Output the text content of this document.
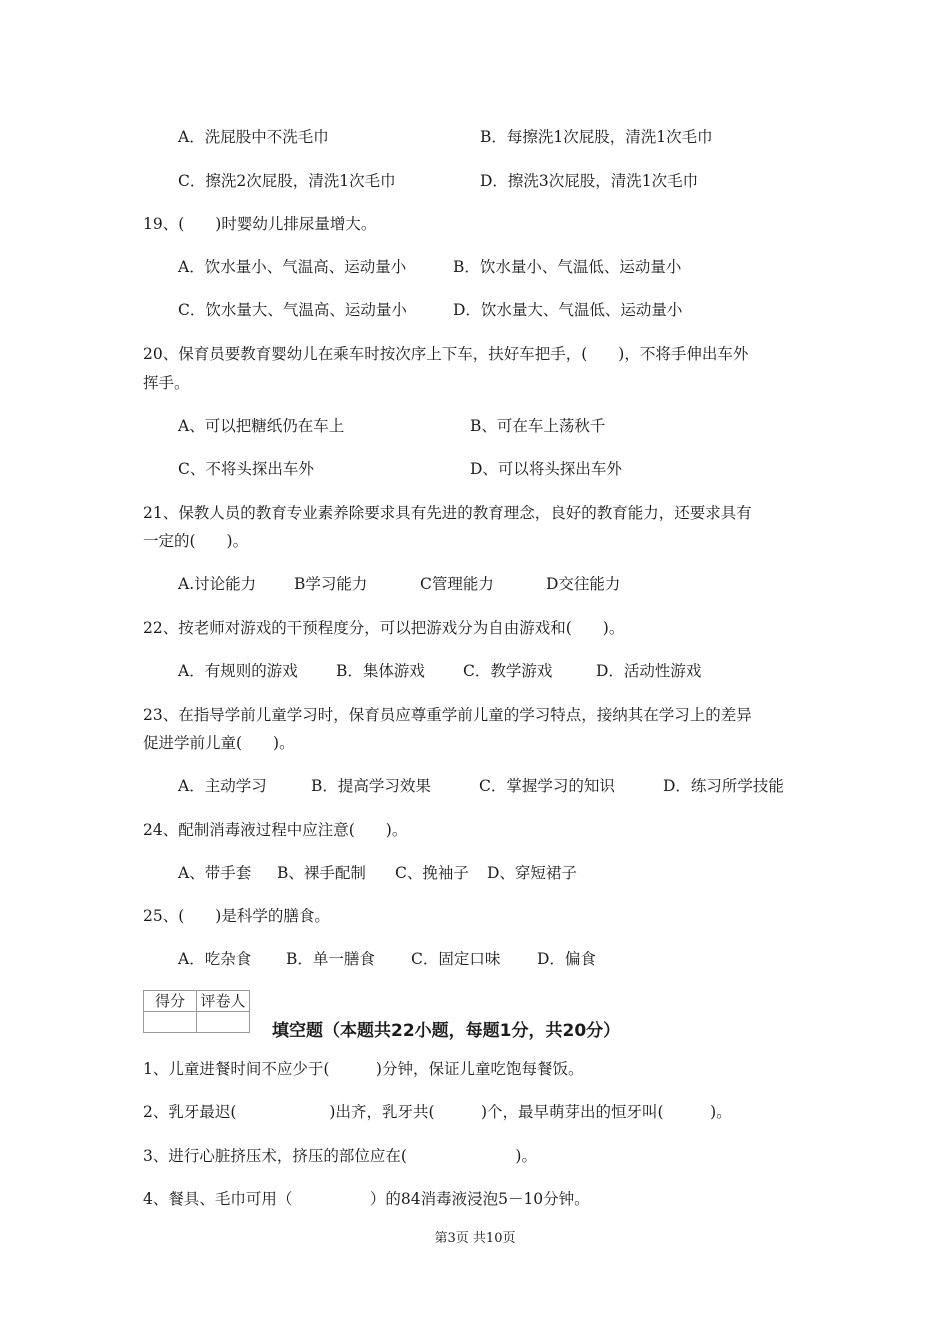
A．洗屁股中不洗毛巾	B．每擦洗1次屁股，清洗1次毛巾
C．擦洗2次屁股，清洗1次毛巾	D．擦洗3次屁股，清洗1次毛巾
19、(　　)时婴幼儿排尿量增大。
A．饮水量小、气温高、运动量小	B．饮水量小、气温低、运动量小
C．饮水量大、气温高、运动量小	D．饮水量大、气温低、运动量小
20、保育员要教育婴幼儿在乘车时按次序上下车，扶好车把手，(　　)，不将手伸出车外
挥手。
A、可以把糖纸仍在车上	B、可在车上荡秋千
C、不将头探出车外	D、可以将头探出车外
21、保教人员的教育专业素养除要求具有先进的教育理念，良好的教育能力，还要求具有
一定的(　　)。
A.讨论能力 B学习能力	C管理能力	D交往能力
22、按老师对游戏的干预程度分，可以把游戏分为自由游戏和(　　)。
A．有规则的游戏 B．集体游戏 C．教学游戏	D．活动性游戏
23、在指导学前儿童学习时，保育员应尊重学前儿童的学习特点，接纳其在学习上的差异
促进学前儿童(　　)。
A．主动学习	B．提高学习效果	C．掌握学习的知识	D．练习所学技能
24、配制消毒液过程中应注意(　　)。
A、带手套 B、裸手配制 C、挽袖子 D、穿短裙子
25、(　　)是科学的膳食。
A．吃杂食 B．单一膳食 C．固定口味 D．偏食
得分	评卷人

填空题（本题共22小题，每题1分，共20分）
1、儿童进餐时间不应少于(　　　)分钟，保证儿童吃饱每餐饭。
2、乳牙最迟(　　　　　　)出齐，乳牙共(　　　)个，最早萌芽出的恒牙叫(　　　)。
3、进行心脏挤压术，挤压的部位应在(　　　　　　　)。
4、餐具、毛巾可用（　　　　　）的84消毒液浸泡5－10分钟。
第3页 共10页
